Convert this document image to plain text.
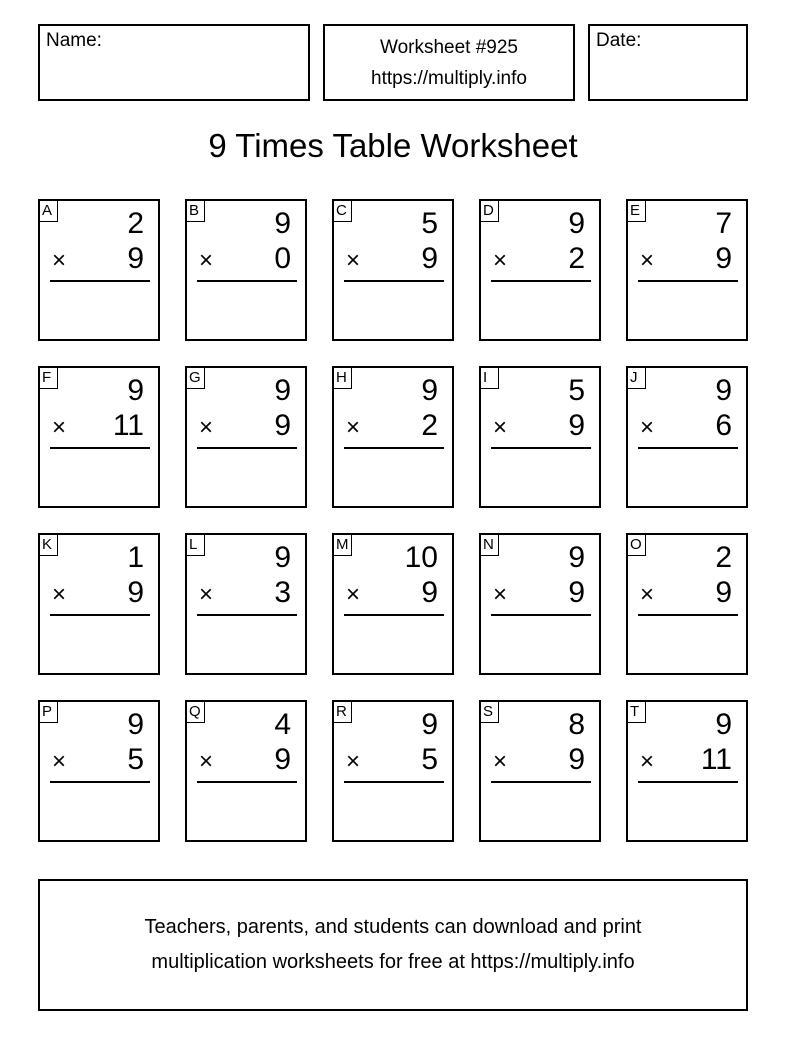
Name:	Worksheet #925
https://multiply.info
Date:
9 Times Table Worksheet
A	2
× 9
B	9
× 0
C 5
× 9
D 9
× 2
E	7
× 9
F	9
× 11
G 9
× 9
H 9
× 2
I	5
× 9
J	9
× 6
K	1
× 9
L	9
× 3
M 10
× 9
N 9
× 9
O 2
× 9
P	9
× 5
Q 4
× 9
R 9
× 5
S	8
× 9
T	9
× 11
Teachers, parents, and students can download and print
multiplication worksheets for free at https://multiply.info
